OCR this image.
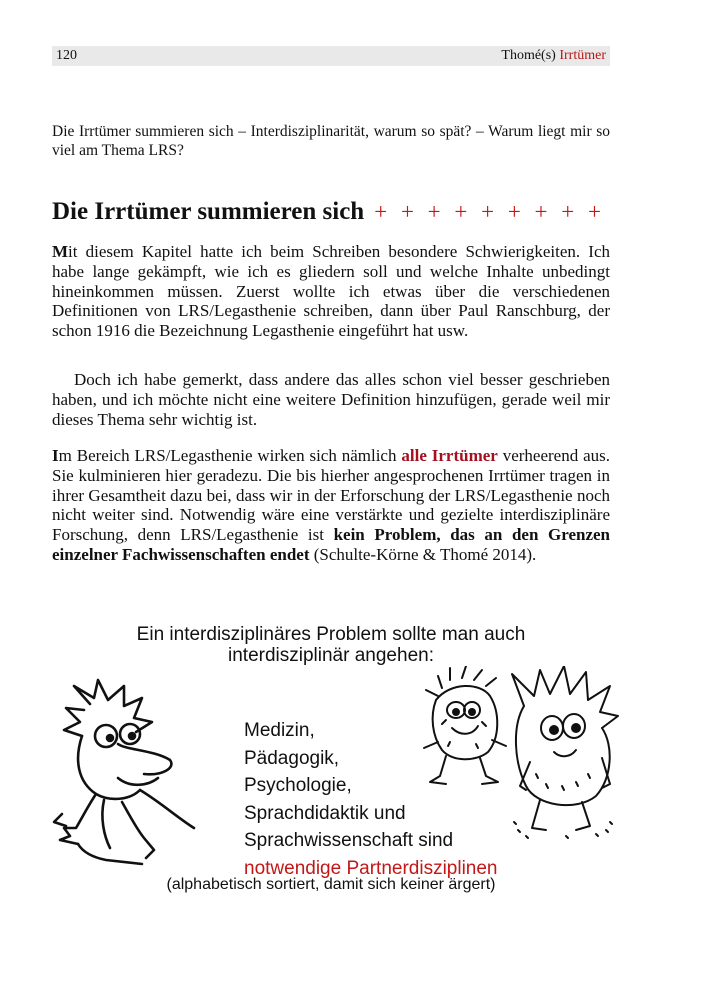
120	Thomé(s) Irrtümer
Die Irrtümer summieren sich – Interdisziplinarität, warum so spät? – Warum liegt mir so viel am Thema LRS?
Die Irrtümer summieren sich + + + + + + + + +
Mit diesem Kapitel hatte ich beim Schreiben besondere Schwierigkeiten. Ich habe lange gekämpft, wie ich es gliedern soll und welche Inhalte unbedingt hineinkommen müssen. Zuerst wollte ich etwas über die verschiedenen Definitionen von LRS/Legasthenie schreiben, dann über Paul Ranschburg, der schon 1916 die Bezeichnung Legasthenie eingeführt hat usw.
Doch ich habe gemerkt, dass andere das alles schon viel besser geschrieben haben, und ich möchte nicht eine weitere Definition hinzufügen, gerade weil mir dieses Thema sehr wichtig ist.
Im Bereich LRS/Legasthenie wirken sich nämlich alle Irrtümer verheerend aus. Sie kulminieren hier geradezu. Die bis hierher angesprochenen Irrtümer tragen in ihrer Gesamtheit dazu bei, dass wir in der Erforschung der LRS/Legasthenie noch nicht weiter sind. Notwendig wäre eine verstärkte und gezielte interdisziplinäre Forschung, denn LRS/Legasthenie ist kein Problem, das an den Grenzen einzelner Fachwissenschaften endet (Schulte-Körne & Thomé 2014).
Ein interdisziplinäres Problem sollte man auch
interdisziplinär angehen:
Medizin,
Pädagogik,
Psychologie,
Sprachdidaktik und
Sprachwissenschaft sind
notwendige Partnerdisziplinen
(alphabetisch sortiert, damit sich keiner ärgert)
